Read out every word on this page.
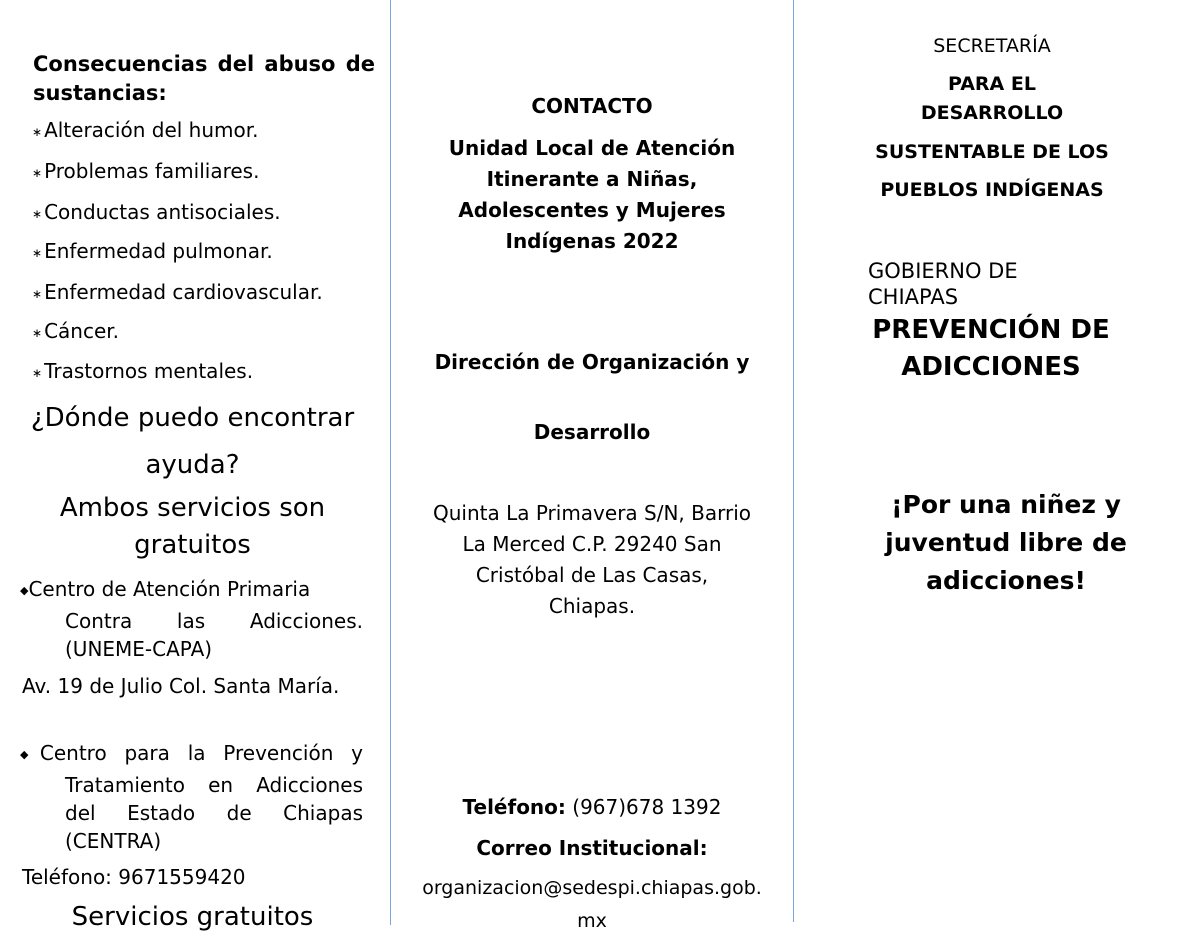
Consecuencias del abuso de sustancias:
∗ Alteración del humor.
∗ Problemas familiares.
∗ Conductas antisociales.
∗ Enfermedad pulmonar.
∗ Enfermedad cardiovascular.
∗ Cáncer.
∗ Trastornos mentales.

¿Dónde puedo encontrar ayuda?

Ambos servicios son gratuitos

◆Centro de Atención Primaria
Contra las Adicciones. (UNEME-CAPA)

Av. 19 de Julio Col. Santa María.

◆Centro para la Prevención y
Tratamiento en Adicciones del Estado de Chiapas (CENTRA)

Teléfono: 9671559420

Servicios gratuitos

CONTACTO

Unidad Local de Atención Itinerante a Niñas, Adolescentes y Mujeres Indígenas 2022

Dirección de Organización y

Desarrollo

Quinta La Primavera S/N, Barrio La Merced C.P. 29240 San Cristóbal de Las Casas, Chiapas.

Teléfono: (967)678 1392

Correo Institucional:

organizacion@sedespi.chiapas.gob.mx

SECRETARÍA

PARA EL DESARROLLO

SUSTENTABLE DE LOS

PUEBLOS INDÍGENAS

GOBIERNO DE CHIAPAS

PREVENCIÓN DE ADICCIONES

¡Por una niñez y juventud libre de adicciones!
